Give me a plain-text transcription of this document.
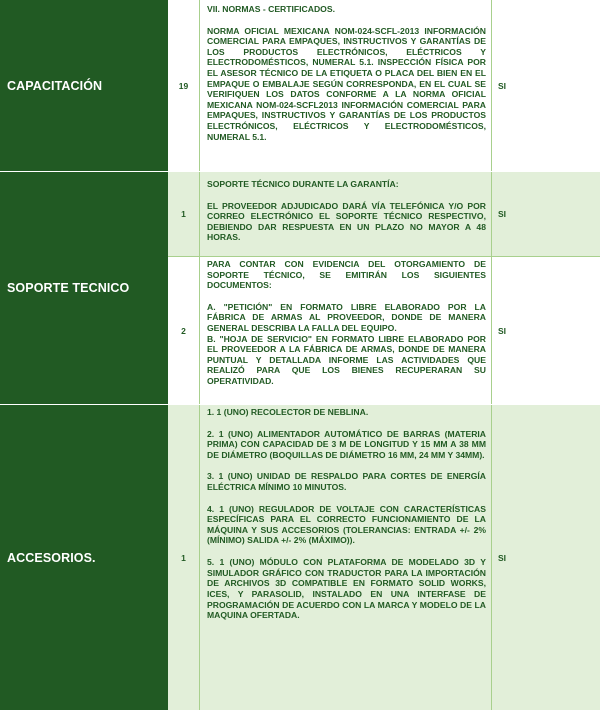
CAPACITACIÓN	19

VII. NORMAS - CERTIFICADOS.

NORMA OFICIAL MEXICANA NOM-024-SCFL-2013 INFORMACIÓN COMERCIAL PARA EMPAQUES, INSTRUCTIVOS Y GARANTÍAS DE LOS PRODUCTOS ELECTRÓNICOS, ELÉCTRICOS Y ELECTRODOMÉSTICOS, NUMERAL 5.1. INSPECCIÓN FÍSICA POR EL ASESOR TÉCNICO DE LA ETIQUETA O PLACA DEL BIEN EN EL EMPAQUE O EMBALAJE SEGÚN CORRESPONDA, EN EL CUAL SE VERIFIQUEN LOS DATOS CONFORME A LA NORMA OFICIAL MEXICANA NOM-024-SCFL2013 INFORMACIÓN COMERCIAL PARA EMPAQUES, INSTRUCTIVOS Y GARANTÍAS DE LOS PRODUCTOS ELECTRÓNICOS, ELÉCTRICOS Y ELECTRODOMÉSTICOS, NUMERAL 5.1.

SI
SOPORTE TECNICO
1

SOPORTE TÉCNICO DURANTE LA GARANTÍA:

EL PROVEEDOR ADJUDICADO DARÁ VÍA TELEFÓNICA Y/O POR CORREO ELECTRÓNICO EL SOPORTE TÉCNICO RESPECTIVO, DEBIENDO DAR RESPUESTA EN UN PLAZO NO MAYOR A 48 HORAS.

SI
2

PARA CONTAR CON EVIDENCIA DEL OTORGAMIENTO DE SOPORTE TÉCNICO, SE EMITIRÁN LOS SIGUIENTES DOCUMENTOS:

A. "PETICIÓN" EN FORMATO LIBRE ELABORADO POR LA FÁBRICA DE ARMAS AL PROVEEDOR, DONDE DE MANERA GENERAL DESCRIBA LA FALLA DEL EQUIPO.

B. "HOJA DE SERVICIO" EN FORMATO LIBRE ELABORADO POR EL PROVEEDOR A LA FÁBRICA DE ARMAS, DONDE DE MANERA PUNTUAL Y DETALLADA INFORME LAS ACTIVIDADES QUE REALIZÓ PARA QUE LOS BIENES RECUPERARAN SU OPERATIVIDAD.

SI
ACCESORIOS.	1

1. 1 (UNO) RECOLECTOR DE NEBLINA.

2. 1 (UNO) ALIMENTADOR AUTOMÁTICO DE BARRAS (MATERIA PRIMA) CON CAPACIDAD DE 3 M DE LONGITUD Y 15 MM A 38 MM DE DIÁMETRO (BOQUILLAS DE DIÁMETRO 16 MM, 24 MM Y 34MM).

3. 1 (UNO) UNIDAD DE RESPALDO PARA CORTES DE ENERGÍA ELÉCTRICA MÍNIMO 10 MINUTOS.

4. 1 (UNO) REGULADOR DE VOLTAJE CON CARACTERÍSTICAS ESPECÍFICAS PARA EL CORRECTO FUNCIONAMIENTO DE LA MÁQUINA Y SUS ACCESORIOS (TOLERANCIAS: ENTRADA +/- 2% (MÍNIMO) SALIDA +/- 2% (MÁXIMO)).

5. 1 (UNO) MÓDULO CON PLATAFORMA DE MODELADO 3D Y SIMULADOR GRÁFICO CON TRADUCTOR PARA LA IMPORTACIÓN DE ARCHIVOS 3D COMPATIBLE EN FORMATO SOLID WORKS, ICES, Y PARASOLID, INSTALADO EN UNA INTERFASE DE PROGRAMACIÓN DE ACUERDO CON LA MARCA Y MODELO DE LA MAQUINA OFERTADA.

SI
